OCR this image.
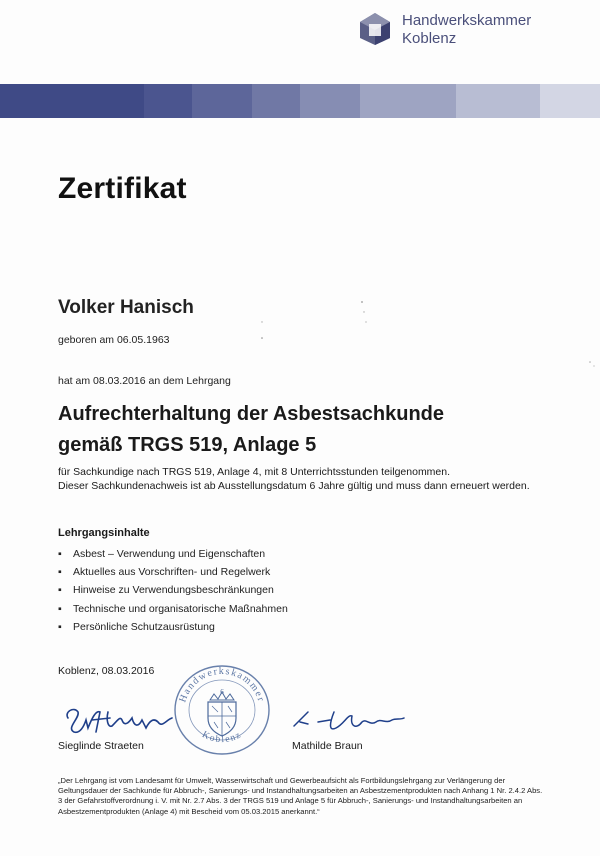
Handwerkskammer
Koblenz
Zertifikat
Volker Hanisch
geboren am 06.05.1963
hat am 08.03.2016 an dem Lehrgang
Aufrechterhaltung der Asbestsachkunde
gemäß TRGS 519, Anlage 5
für Sachkundige nach TRGS 519, Anlage 4, mit 8 Unterrichtsstunden teilgenommen.
Dieser Sachkundenachweis ist ab Ausstellungsdatum 6 Jahre gültig und muss dann erneuert werden.
Lehrgangsinhalte
▪ Asbest – Verwendung und Eigenschaften
▪ Aktuelles aus Vorschriften- und Regelwerk
▪ Hinweise zu Verwendungsbeschränkungen
▪ Technische und organisatorische Maßnahmen
▪ Persönliche Schutzausrüstung
Koblenz, 08.03.2016
Handwerkskammer
Koblenz
6
Sieglinde Straeten	Mathilde Braun
„Der Lehrgang ist vom Landesamt für Umwelt, Wasserwirtschaft und Gewerbeaufsicht als Fortbildungslehrgang zur Verlängerung der Geltungsdauer der Sachkunde für Abbruch-, Sanierungs- und Instandhaltungsarbeiten an Asbestzementprodukten nach Anhang 1 Nr. 2.4.2 Abs. 3 der Gefahrstoffverordnung i. V. mit Nr. 2.7 Abs. 3 der TRGS 519 und Anlage 5 für Abbruch-, Sanierungs- und Instandhaltungsarbeiten an Asbestzementprodukten (Anlage 4) mit Bescheid vom 05.03.2015 anerkannt.“
